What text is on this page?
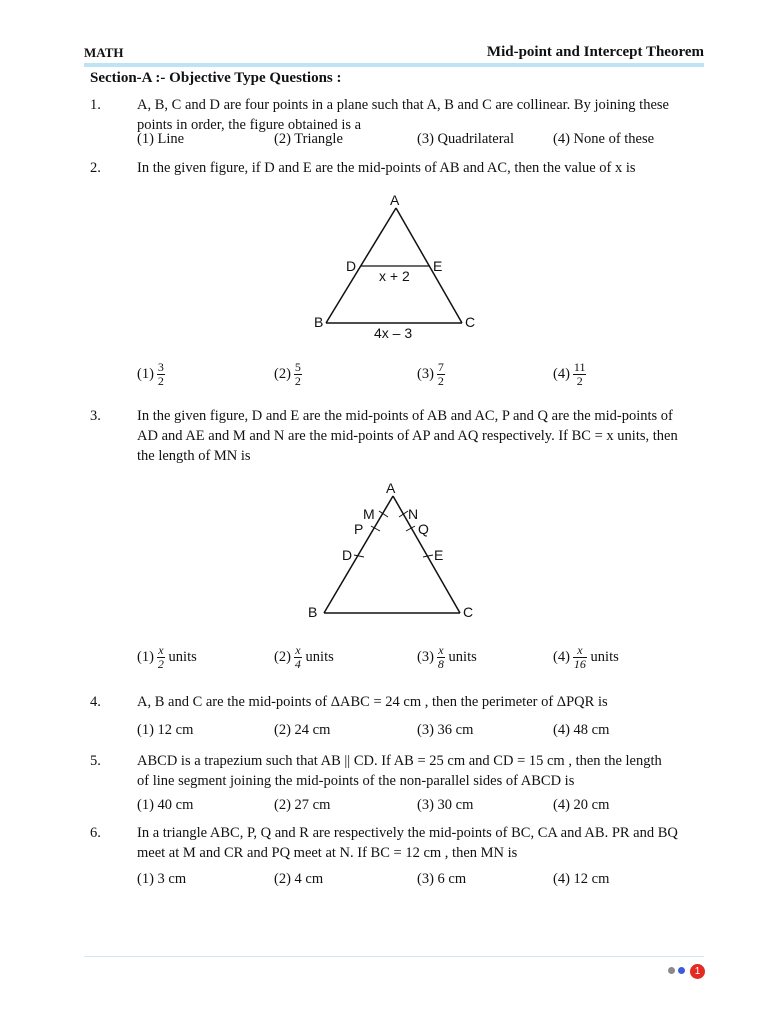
MATH	Mid-point and Intercept Theorem
Section-A :- Objective Type Questions :
1. A, B, C and D are four points in a plane such that A, B and C are collinear. By joining these points in order, the figure obtained is a
(1) Line	(2) Triangle	(3) Quadrilateral	(4) None of these
2. In the given figure, if D and E are the mid-points of AB and AC, then the value of x is
A
B	C
D	E
x + 2
4x – 3
$(1) \frac{3}{2}$	$(2) \frac{5}{2}$	$(3) \frac{7}{2}$	$(4) \frac{11}{2}$
3. In the given figure, D and E are the mid-points of AB and AC, P and Q are the mid-points of
AD and AE and M and N are the mid-points of AP and AQ respectively. If BC = x units, then
the length of MN is
A
M N
P	Q
D	E
B	C
$(1) \frac{x}{2}$ units	$(2) \frac{x}{4}$ units	$(3) \frac{x}{8}$ units	$(4) \frac{x}{16}$ units
4. A, B and C are the mid-points of ΔABC = 24 cm , then the perimeter of ΔPQR is
(1) 12 cm	(2) 24 cm	(3) 36 cm	(4) 48 cm
5. ABCD is a trapezium such that AB || CD. If AB = 25 cm and CD = 15 cm , then the length
of line segment joining the mid-points of the non-parallel sides of ABCD is
(1) 40 cm	(2) 27 cm	(3) 30 cm	(4) 20 cm
6. In a triangle ABC, P, Q and R are respectively the mid-points of BC, CA and AB. PR and BQ
meet at M and CR and PQ meet at N. If BC = 12 cm , then MN is
(1) 3 cm	(2) 4 cm	(3) 6 cm	(4) 12 cm
1
